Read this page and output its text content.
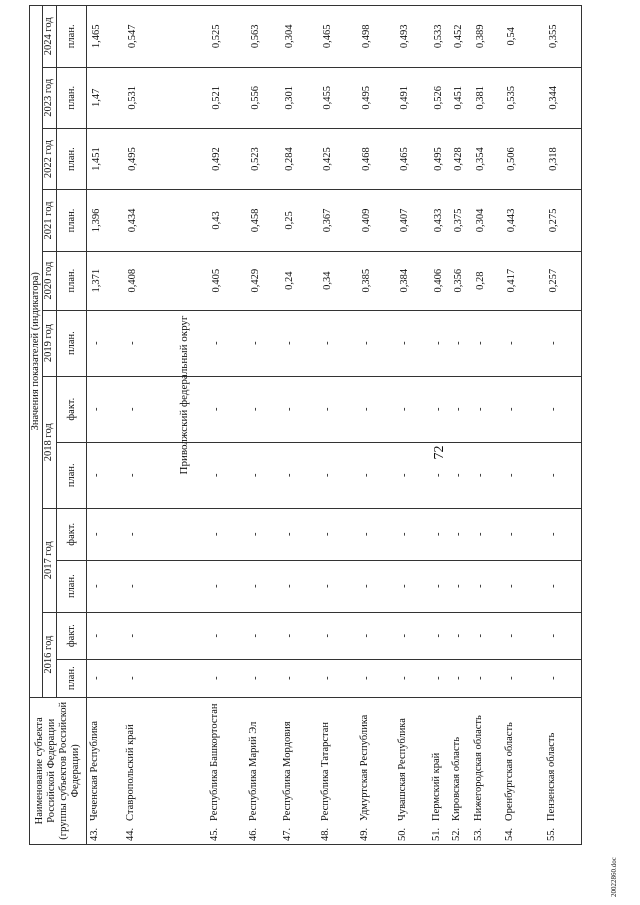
72
Наименование субъекта Российской Федерации (группы субъектов Российской Федерации)	Значения показателей (индикатора)											
	2016 год		2017 год		2018 год		2019 год	2020 год	2021 год	2022 год	2023 год	2024 год
	план.	факт.	план.	факт.	план.	факт.	план.	план.	план.	план.	план.	план.
43.Чеченская Республика	-	-	-	-	-	-	-	1,371	1,396	1,451	1,47	1,465
44.Ставропольский край	-	-	-	-	-	-	-	0,408	0,434	0,495	0,531	0,547

45.Республика Башкортостан	-	-	-	-	-	-	-	0,405	0,43	0,492	0,521	0,525
46.Республика Марий Эл	-	-	-	-	-	-	-	0,429	0,458	0,523	0,556	0,563
47.Республика Мордовия	-	-	-	-	-	-	-	0,24	0,25	0,284	0,301	0,304
48.Республика Татарстан	-	-	-	-	-	-	-	0,34	0,367	0,425	0,455	0,465
49.Удмуртская Республика	-	-	-	-	-	-	-	0,385	0,409	0,468	0,495	0,498
50.Чувашская Республика	-	-	-	-	-	-	-	0,384	0,407	0,465	0,491	0,493
51.Пермский край	-	-	-	-	-	-	-	0,406	0,433	0,495	0,526	0,533
52.Кировская область	-	-	-	-	-	-	-	0,356	0,375	0,428	0,451	0,452
53.Нижегородская область	-	-	-	-	-	-	-	0,28	0,304	0,354	0,381	0,389
54.Оренбургская область	-	-	-	-	-	-	-	0,417	0,443	0,506	0,535	0,54
55.Пензенская область	-	-	-	-	-	-	-	0,257	0,275	0,318	0,344	0,355
Приволжский федеральный округ
20022860.doc
